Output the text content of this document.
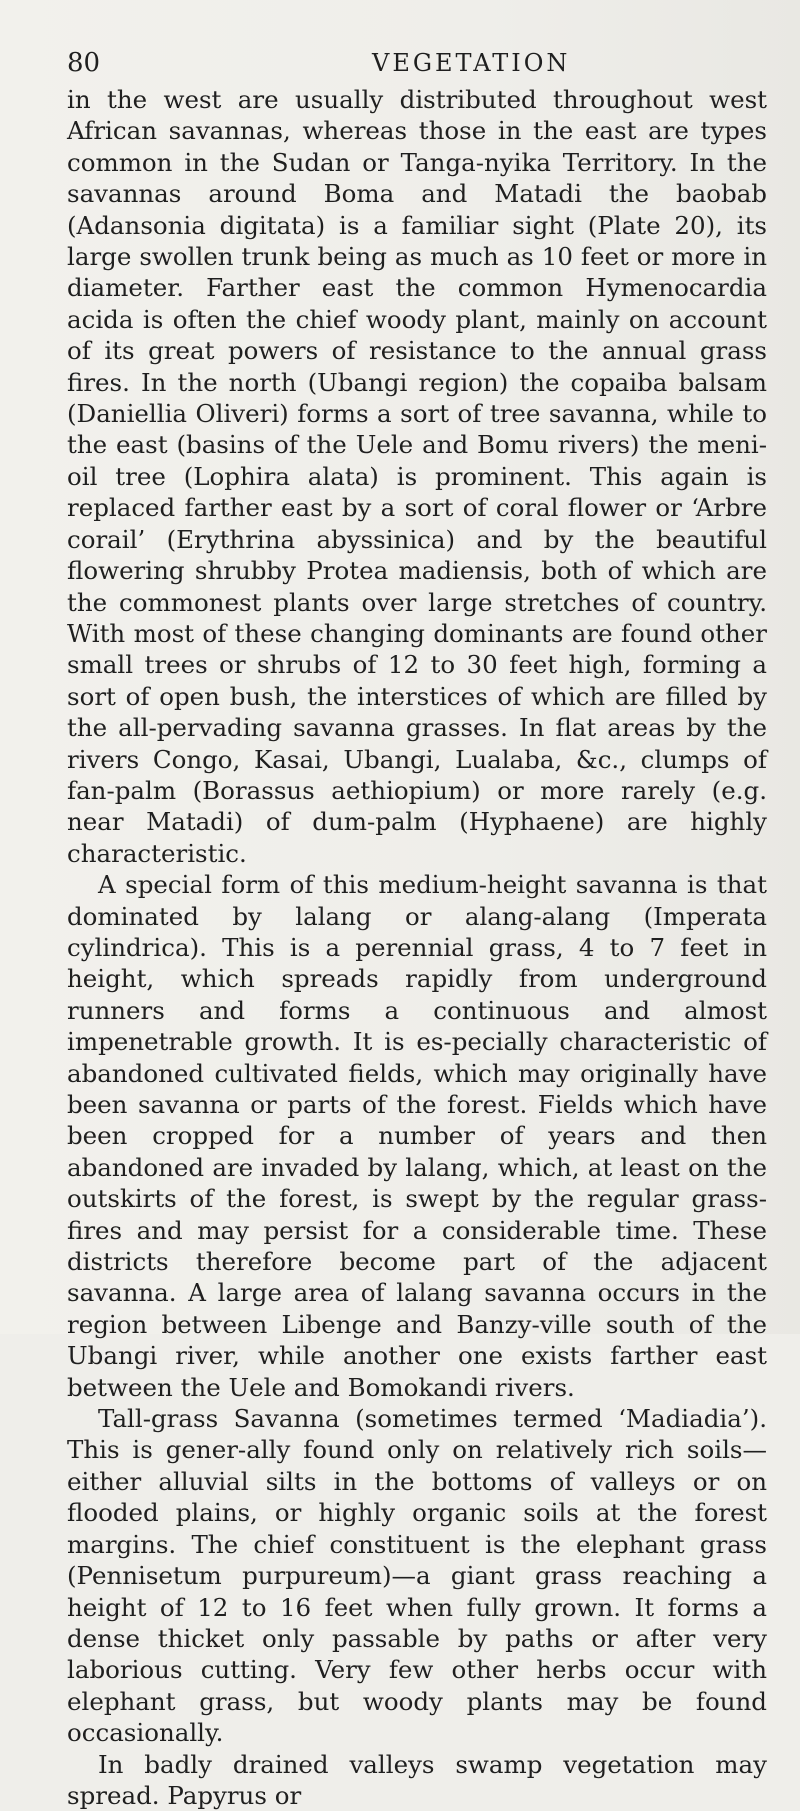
80	VEGETATION

in the west are usually distributed throughout west African savannas, whereas those in the east are types common in the Sudan or Tanga-nyika Territory. In the savannas around Boma and Matadi the baobab (Adansonia digitata) is a familiar sight (Plate 20), its large swollen trunk being as much as 10 feet or more in diameter. Farther east the common Hymenocardia acida is often the chief woody plant, mainly on account of its great powers of resistance to the annual grass fires. In the north (Ubangi region) the copaiba balsam (Daniellia Oliveri) forms a sort of tree savanna, while to the east (basins of the Uele and Bomu rivers) the meni-oil tree (Lophira alata) is prominent. This again is replaced farther east by a sort of coral flower or ‘Arbre corail’ (Erythrina abyssinica) and by the beautiful flowering shrubby Protea madiensis, both of which are the commonest plants over large stretches of country. With most of these changing dominants are found other small trees or shrubs of 12 to 30 feet high, forming a sort of open bush, the interstices of which are filled by the all-pervading savanna grasses. In flat areas by the rivers Congo, Kasai, Ubangi, Lualaba, &c., clumps of fan-palm (Borassus aethiopium) or more rarely (e.g. near Matadi) of dum-palm (Hyphaene) are highly characteristic.

A special form of this medium-height savanna is that dominated by lalang or alang-alang (Imperata cylindrica). This is a perennial grass, 4 to 7 feet in height, which spreads rapidly from underground runners and forms a continuous and almost impenetrable growth. It is es-pecially characteristic of abandoned cultivated fields, which may originally have been savanna or parts of the forest. Fields which have been cropped for a number of years and then abandoned are invaded by lalang, which, at least on the outskirts of the forest, is swept by the regular grass-fires and may persist for a considerable time. These districts therefore become part of the adjacent savanna. A large area of lalang savanna occurs in the region between Libenge and Banzy-ville south of the Ubangi river, while another one exists farther east between the Uele and Bomokandi rivers.

Tall-grass Savanna (sometimes termed ‘Madiadia’). This is gener-ally found only on relatively rich soils—either alluvial silts in the bottoms of valleys or on flooded plains, or highly organic soils at the forest margins. The chief constituent is the elephant grass (Pennisetum purpureum)—a giant grass reaching a height of 12 to 16 feet when fully grown. It forms a dense thicket only passable by paths or after very laborious cutting. Very few other herbs occur with elephant grass, but woody plants may be found occasionally.

In badly drained valleys swamp vegetation may spread. Papyrus or
